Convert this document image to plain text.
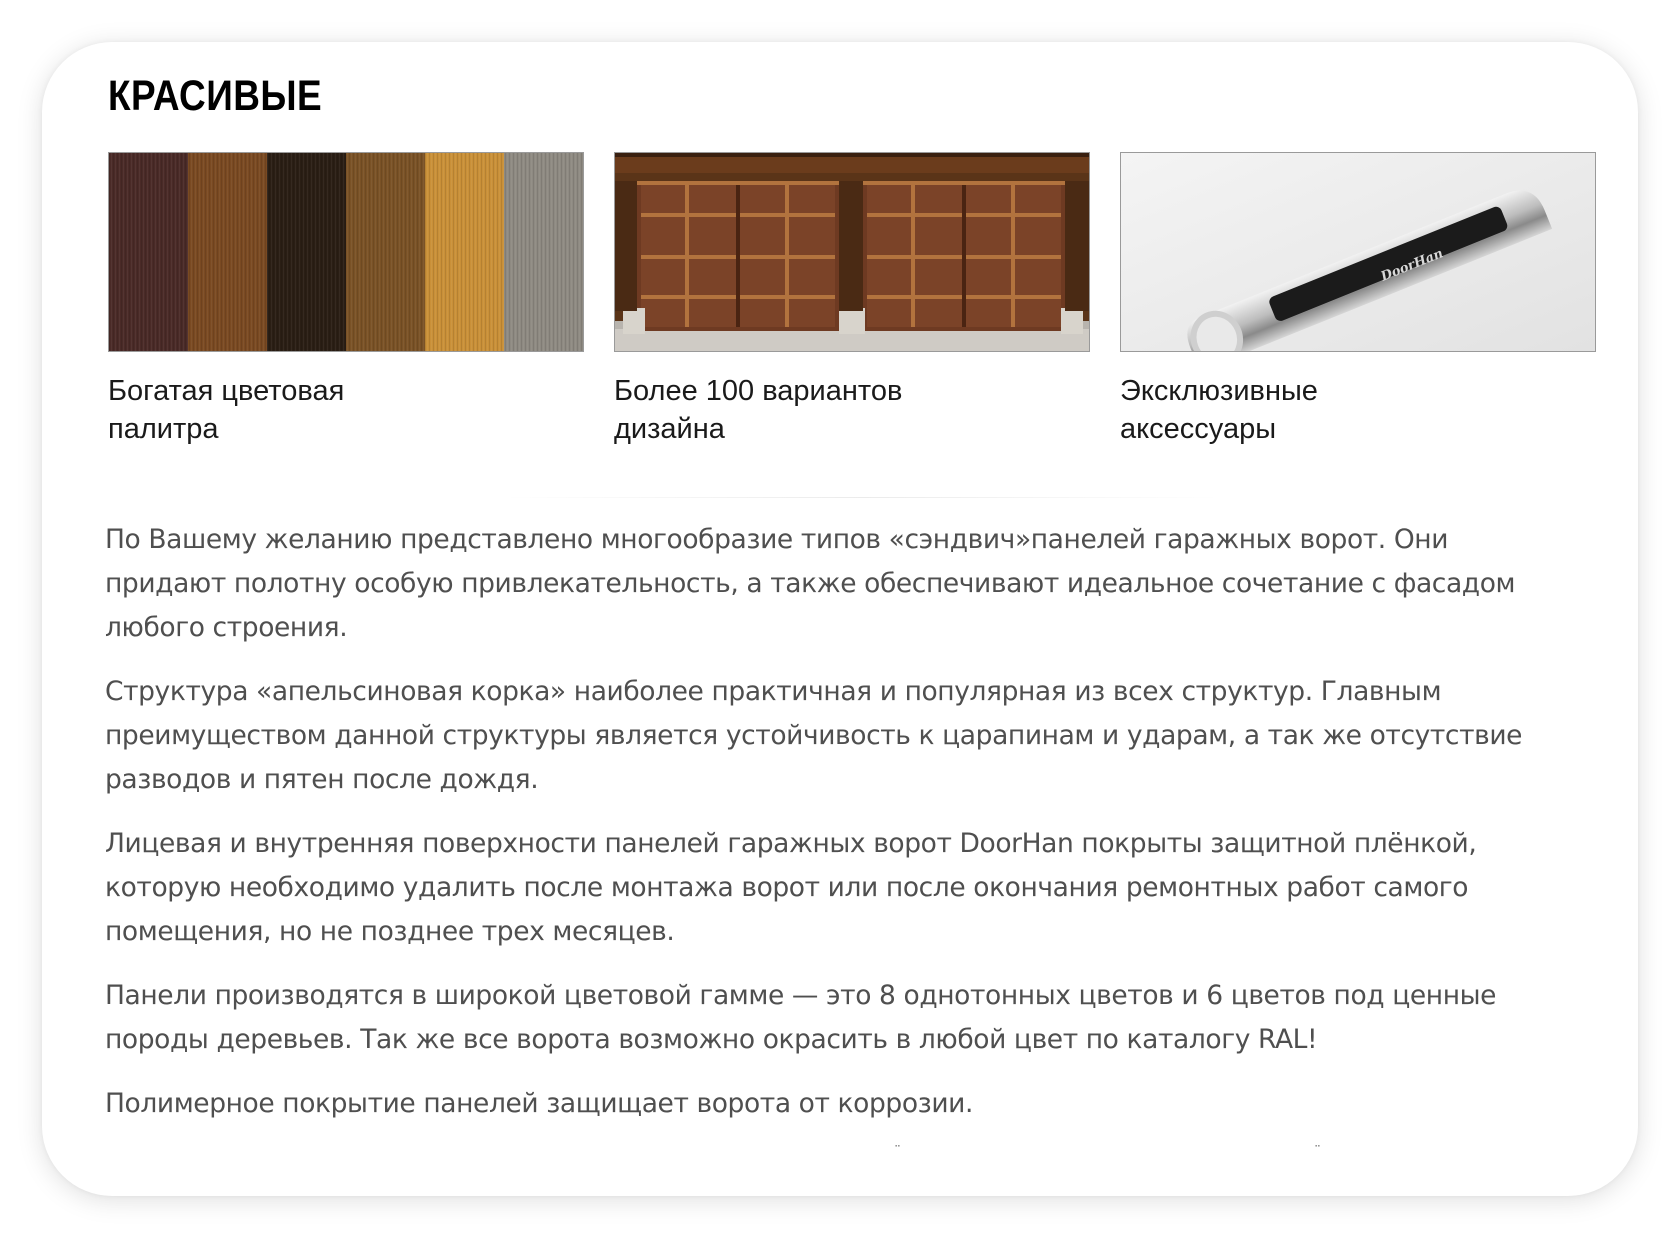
КРАСИВЫЕ
Богатая цветовая
палитра
Более 100 вариантов
дизайна
DoorHan
Эксклюзивные
аксессуары

По Вашему желанию представлено многообразие типов «сэндвич»панелей гаражных ворот. Они придают полотну особую привлекательность, а также обеспечивают идеальное сочетание с фасадом любого строения.

Структура «апельсиновая корка» наиболее практичная и популярная из всех структур. Главным преимуществом данной структуры является устойчивость к царапинам и ударам, а так же отсутствие разводов и пятен после дождя.

Лицевая и внутренняя поверхности панелей гаражных ворот DoorHan покрыты защитной плёнкой, которую необходимо удалить после монтажа ворот или после окончания ремонтных работ самого помещения, но не позднее трех месяцев.

Панели производятся в широкой цветовой гамме — это 8 однотонных цветов и 6 цветов под ценные породы деревьев. Так же все ворота возможно окрасить в любой цвет по каталогу RAL!

Полимерное покрытие панелей защищает ворота от коррозии.

¨	¨
